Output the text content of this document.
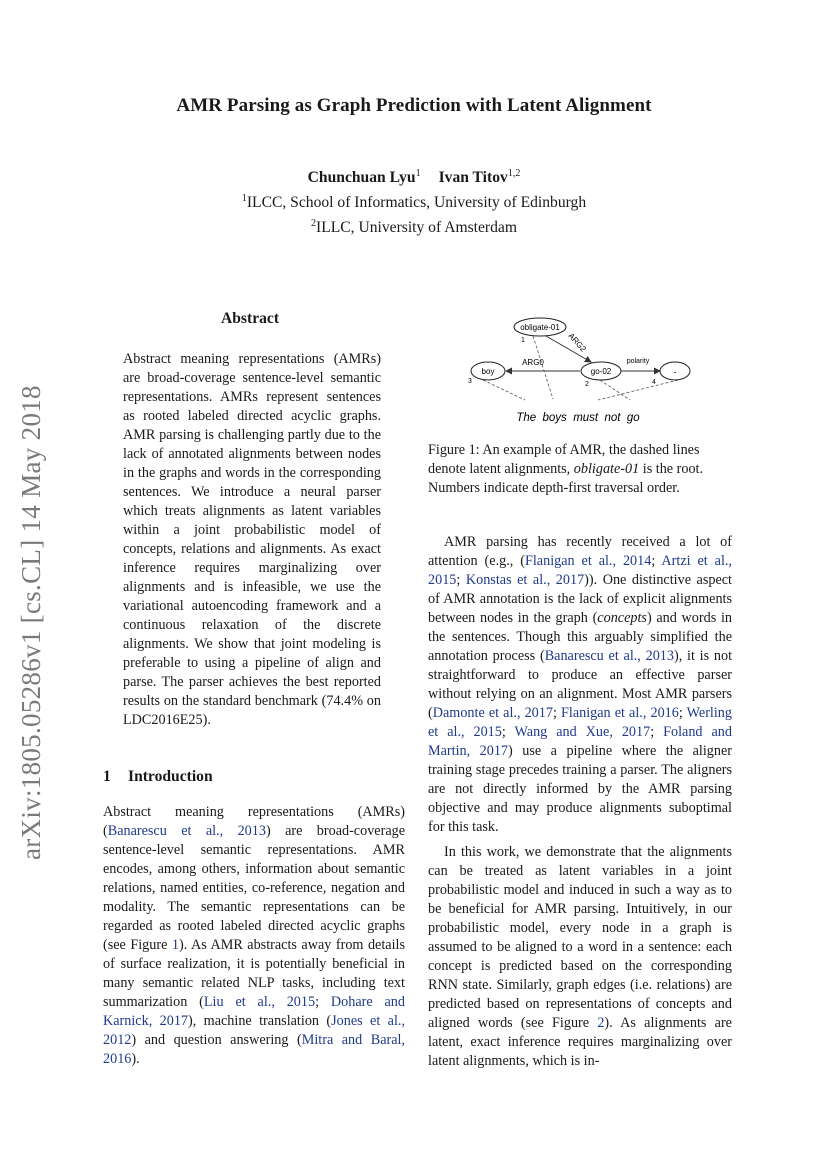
AMR Parsing as Graph Prediction with Latent Alignment
Chunchuan Lyu$^1$ Ivan Titov$^{1,2}$
$^1$ILCC, School of Informatics, University of Edinburgh
$^2$ILLC, University of Amsterdam
arXiv:1805.05286v1 [cs.CL] 14 May 2018
Abstract

Abstract meaning representations (AMRs) are broad-coverage sentence-level semantic representations. AMRs represent sentences as rooted labeled directed acyclic graphs. AMR parsing is challenging partly due to the lack of annotated alignments between nodes in the graphs and words in the corresponding sentences. We introduce a neural parser which treats alignments as latent variables within a joint probabilistic model of concepts, relations and alignments. As exact inference requires marginalizing over alignments and is infeasible, we use the variational autoencoding framework and a continuous relaxation of the discrete alignments. We show that joint modeling is preferable to using a pipeline of align and parse. The parser achieves the best reported results on the standard benchmark (74.4% on LDC2016E25).

1 Introduction

Abstract meaning representations (AMRs) (Banarescu et al., 2013) are broad-coverage sentence-level semantic representations. AMR encodes, among others, information about semantic relations, named entities, co-reference, negation and modality. The semantic representations can be regarded as rooted labeled directed acyclic graphs (see Figure 1). As AMR abstracts away from details of surface realization, it is potentially beneficial in many semantic related NLP tasks, including text summarization (Liu et al., 2015; Dohare and Karnick, 2017), machine translation (Jones et al., 2012) and question answering (Mitra and Baral, 2016).

obligate-01
boy	go-02	-
ARG2
ARG0	polarity
1
2
3	4
The  boys  must  not  go
Figure 1: An example of AMR, the dashed lines denote latent alignments, obligate-01 is the root. Numbers indicate depth-first traversal order.

AMR parsing has recently received a lot of attention (e.g., (Flanigan et al., 2014; Artzi et al., 2015; Konstas et al., 2017)). One distinctive aspect of AMR annotation is the lack of explicit alignments between nodes in the graph (concepts) and words in the sentences. Though this arguably simplified the annotation process (Banarescu et al., 2013), it is not straightforward to produce an effective parser without relying on an alignment. Most AMR parsers (Damonte et al., 2017; Flanigan et al., 2016; Werling et al., 2015; Wang and Xue, 2017; Foland and Martin, 2017) use a pipeline where the aligner training stage precedes training a parser. The aligners are not directly informed by the AMR parsing objective and may produce alignments suboptimal for this task.

In this work, we demonstrate that the alignments can be treated as latent variables in a joint probabilistic model and induced in such a way as to be beneficial for AMR parsing. Intuitively, in our probabilistic model, every node in a graph is assumed to be aligned to a word in a sentence: each concept is predicted based on the corresponding RNN state. Similarly, graph edges (i.e. relations) are predicted based on representations of concepts and aligned words (see Figure 2). As alignments are latent, exact inference requires marginalizing over latent alignments, which is in-
